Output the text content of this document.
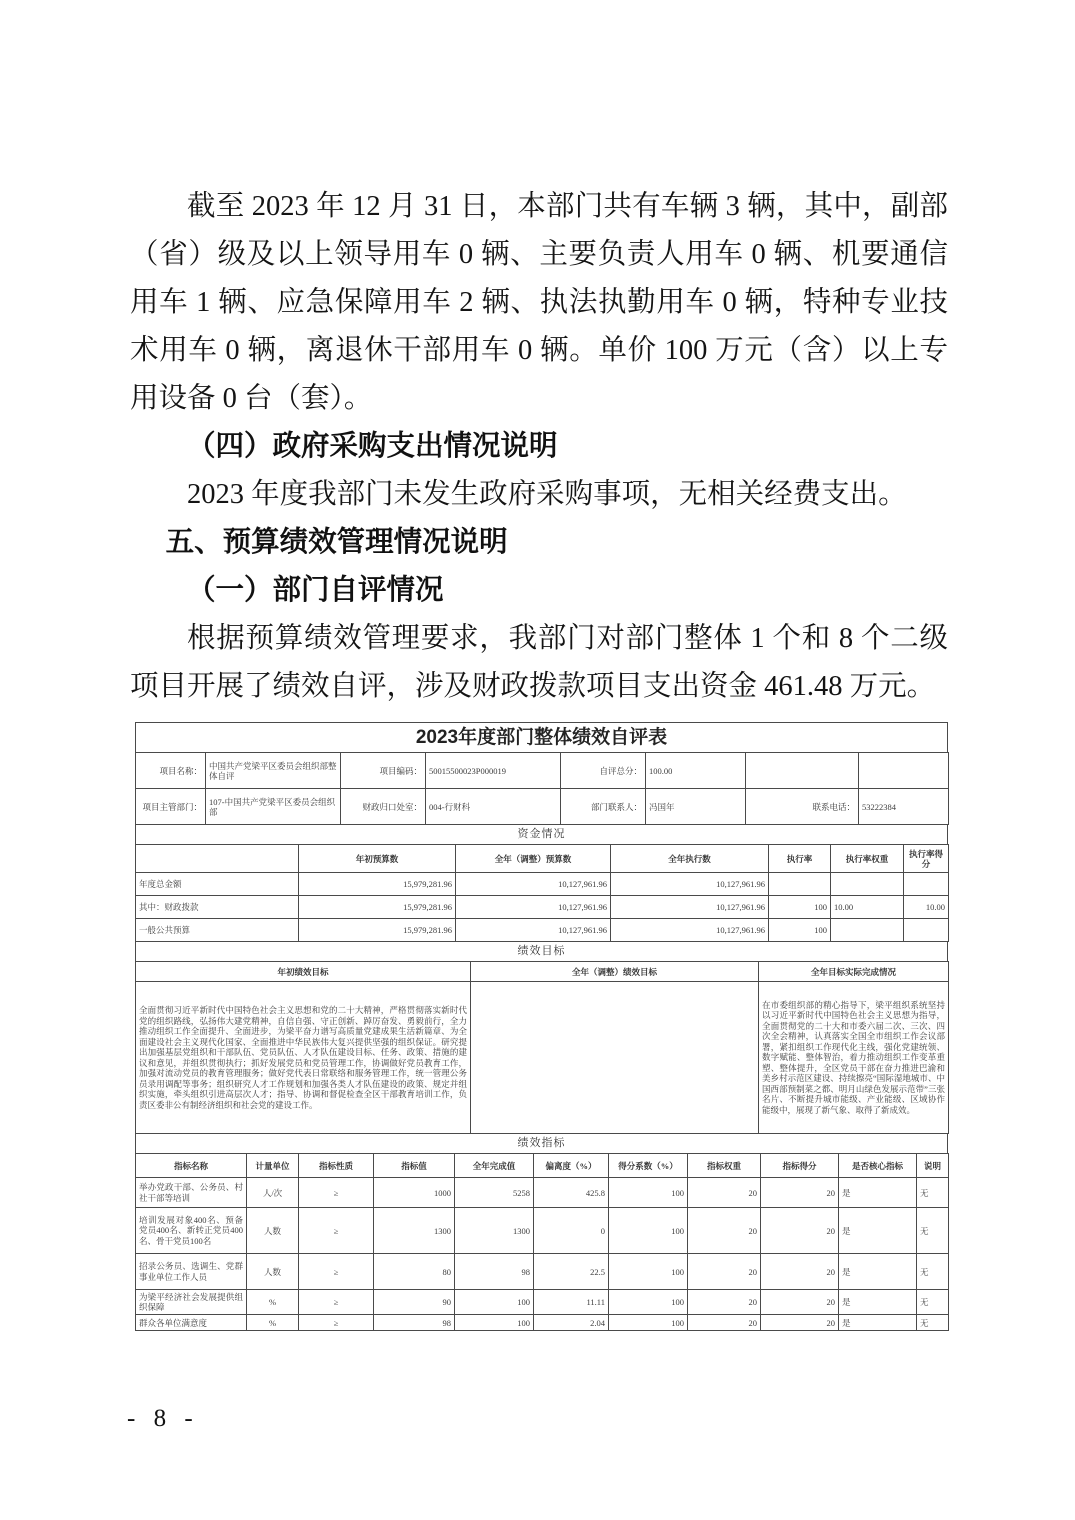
截至 2023 年 12 月 31 日，本部门共有车辆 3 辆，其中，副部（省）级及以上领导用车 0 辆、主要负责人用车 0 辆、机要通信用车 1 辆、应急保障用车 2 辆、执法执勤用车 0 辆，特种专业技术用车 0 辆，离退休干部用车 0 辆。单价 100 万元（含）以上专用设备 0 台（套）。

（四）政府采购支出情况说明

2023 年度我部门未发生政府采购事项，无相关经费支出。

五、预算绩效管理情况说明

（一）部门自评情况

根据预算绩效管理要求，我部门对部门整体 1 个和 8 个二级项目开展了绩效自评，涉及财政拨款项目支出资金 461.48 万元。

2023年度部门整体绩效自评表
项目名称：	中国共产党梁平区委员会组织部整体自评	项目编码：	50015500023P000019	自评总分：	100.00		
项目主管部门：	107-中国共产党梁平区委员会组织部	财政归口处室：	004-行财科	部门联系人：	冯国年	联系电话：	53222384
资金情况
	年初预算数	全年（调整）预算数	全年执行数	执行率	执行率权重	执行率得分
年度总金额	15,979,281.96	10,127,961.96	10,127,961.96			
其中：财政拨款	15,979,281.96	10,127,961.96	10,127,961.96	100	10.00	10.00
一般公共预算	15,979,281.96	10,127,961.96	10,127,961.96	100		
绩效目标
年初绩效目标	全年（调整）绩效目标	全年目标实际完成情况
全面贯彻习近平新时代中国特色社会主义思想和党的二十大精神，严格贯彻落实新时代党的组织路线，弘扬伟大建党精神，自信自强、守正创新、踔厉奋发、勇毅前行，全力推动组织工作全面提升、全面进步，为梁平奋力谱写高质量党建成果生活新篇章、为全面建设社会主义现代化国家、全面推进中华民族伟大复兴提供坚强的组织保证。研究提出加强基层党组织和干部队伍、党员队伍、人才队伍建设目标、任务、政策、措施的建议和意见，并组织贯彻执行；抓好发展党员和党员管理工作，协调做好党员教育工作，加强对流动党员的教育管理服务；做好党代表日常联络和服务管理工作，统一管理公务员录用调配等事务；组织研究人才工作规划和加强各类人才队伍建设的政策、规定并组织实施，牵头组织引进高层次人才；指导、协调和督促检查全区干部教育培训工作，负责区委非公有制经济组织和社会党的建设工作。		在市委组织部的精心指导下，梁平组织系统坚持以习近平新时代中国特色社会主义思想为指导，全面贯彻党的二十大和市委六届二次、三次、四次全会精神，认真落实全国全市组织工作会议部署，紧扣组织工作现代化主线，强化党建统领、数字赋能、整体智治，着力推动组织工作变革重塑、整体提升，全区党员干部在奋力推进巴渝和美乡村示范区建设、持续擦亮“国际湿地城市、中国西部预制菜之都、明月山绿色发展示范带”三张名片、不断提升城市能级、产业能级、区域协作能级中，展现了新气象、取得了新成效。
绩效指标
指标名称	计量单位	指标性质	指标值	全年完成值	偏离度（%）	得分系数（%）	指标权重	指标得分	是否核心指标	说明
举办党政干部、公务员、村社干部等培训	人/次	≥	1000	5258	425.8	100	20	20	是	无
培训发展对象400名、预备党员400名、新转正党员400名、骨干党员100名	人数	≥	1300	1300	0	100	20	20	是	无
招录公务员、选调生、党群事业单位工作人员	人数	≥	80	98	22.5	100	20	20	是	无
为梁平经济社会发展提供组织保障	%	≥	90	100	11.11	100	20	20	是	无
群众各单位满意度	%	≥	98	100	2.04	100	20	20	是	无
- 8 -
